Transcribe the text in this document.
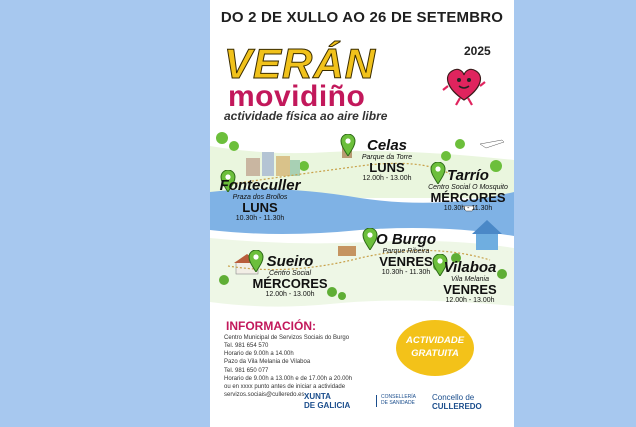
DO 2 DE XULLO AO 26 DE SETEMBRO
VERÁN	2025
movidiño
actividade física ao aire libre
Celas
Parque da Torre
LUNS
12.00h - 13.00h
Fonteculler
Praza dos Brollos
LUNS
10.30h - 11.30h
Tarrío
Centro Social O Mosquito
MÉRCORES
10.30h - 11.30h
O Burgo
Parque Ribeira
VENRES
10.30h - 11.30h
Sueiro
Centro Social
MÉRCORES
12.00h - 13.00h
Vilaboa
Vila Melania
VENRES
12.00h - 13.00h
INFORMACIÓN:
Centro Municipal de Servizos Sociais do Burgo
Tel. 981 654 570
Horario de 9.00h a 14.00h
Pazo da Vila Melania de Vilaboa
Tel. 981 650 077
Horario de 9.00h a 13.00h e de 17.00h a 20.00h
ou en xxxx punto antes de iniciar a actividade
servizos.sociais@culleredo.es
ACTIVIDADE
GRATUITA
XUNTA
DE GALICIA
CONSELLERÍA
DE SANIDADE
Concello de
CULLEREDO
